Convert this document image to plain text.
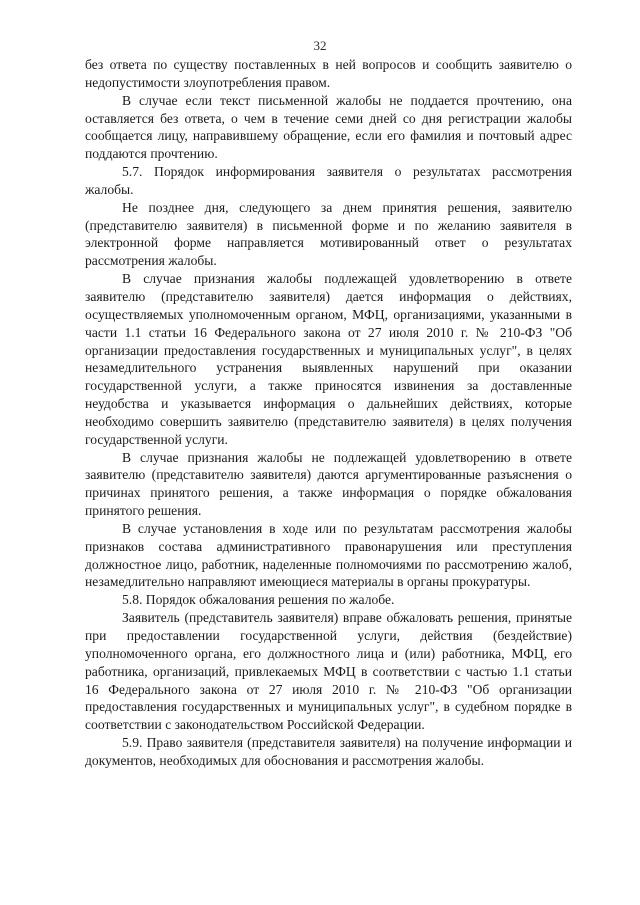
32

без ответа по существу поставленных в ней вопросов и сообщить заявителю о недопустимости злоупотребления правом.

В случае если текст письменной жалобы не поддается прочтению, она оставляется без ответа, о чем в течение семи дней со дня регистрации жалобы сообщается лицу, направившему обращение, если его фамилия и почтовый адрес поддаются прочтению.

5.7. Порядок информирования заявителя о результатах рассмотрения жалобы.

Не позднее дня, следующего за днем принятия решения, заявителю (представителю заявителя) в письменной форме и по желанию заявителя в электронной форме направляется мотивированный ответ о результатах рассмотрения жалобы.

В случае признания жалобы подлежащей удовлетворению в ответе заявителю (представителю заявителя) дается информация о действиях, осуществляемых уполномоченным органом, МФЦ, организациями, указанными в части 1.1 статьи 16 Федерального закона от 27 июля 2010 г. № 210-ФЗ "Об организации предоставления государственных и муниципальных услуг", в целях незамедлительного устранения выявленных нарушений при оказании государственной услуги, а также приносятся извинения за доставленные неудобства и указывается информация о дальнейших действиях, которые необходимо совершить заявителю (представителю заявителя) в целях получения государственной услуги.

В случае признания жалобы не подлежащей удовлетворению в ответе заявителю (представителю заявителя) даются аргументированные разъяснения о причинах принятого решения, а также информация о порядке обжалования принятого решения.

В случае установления в ходе или по результатам рассмотрения жалобы признаков состава административного правонарушения или преступления должностное лицо, работник, наделенные полномочиями по рассмотрению жалоб, незамедлительно направляют имеющиеся материалы в органы прокуратуры.

5.8. Порядок обжалования решения по жалобе.

Заявитель (представитель заявителя) вправе обжаловать решения, принятые при предоставлении государственной услуги, действия (бездействие) уполномоченного органа, его должностного лица и (или) работника, МФЦ, его работника, организаций, привлекаемых МФЦ в соответствии с частью 1.1 статьи 16 Федерального закона от 27 июля 2010 г. № 210-ФЗ "Об организации предоставления государственных и муниципальных услуг", в судебном порядке в соответствии с законодательством Российской Федерации.

5.9. Право заявителя (представителя заявителя) на получение информации и документов, необходимых для обоснования и рассмотрения жалобы.
